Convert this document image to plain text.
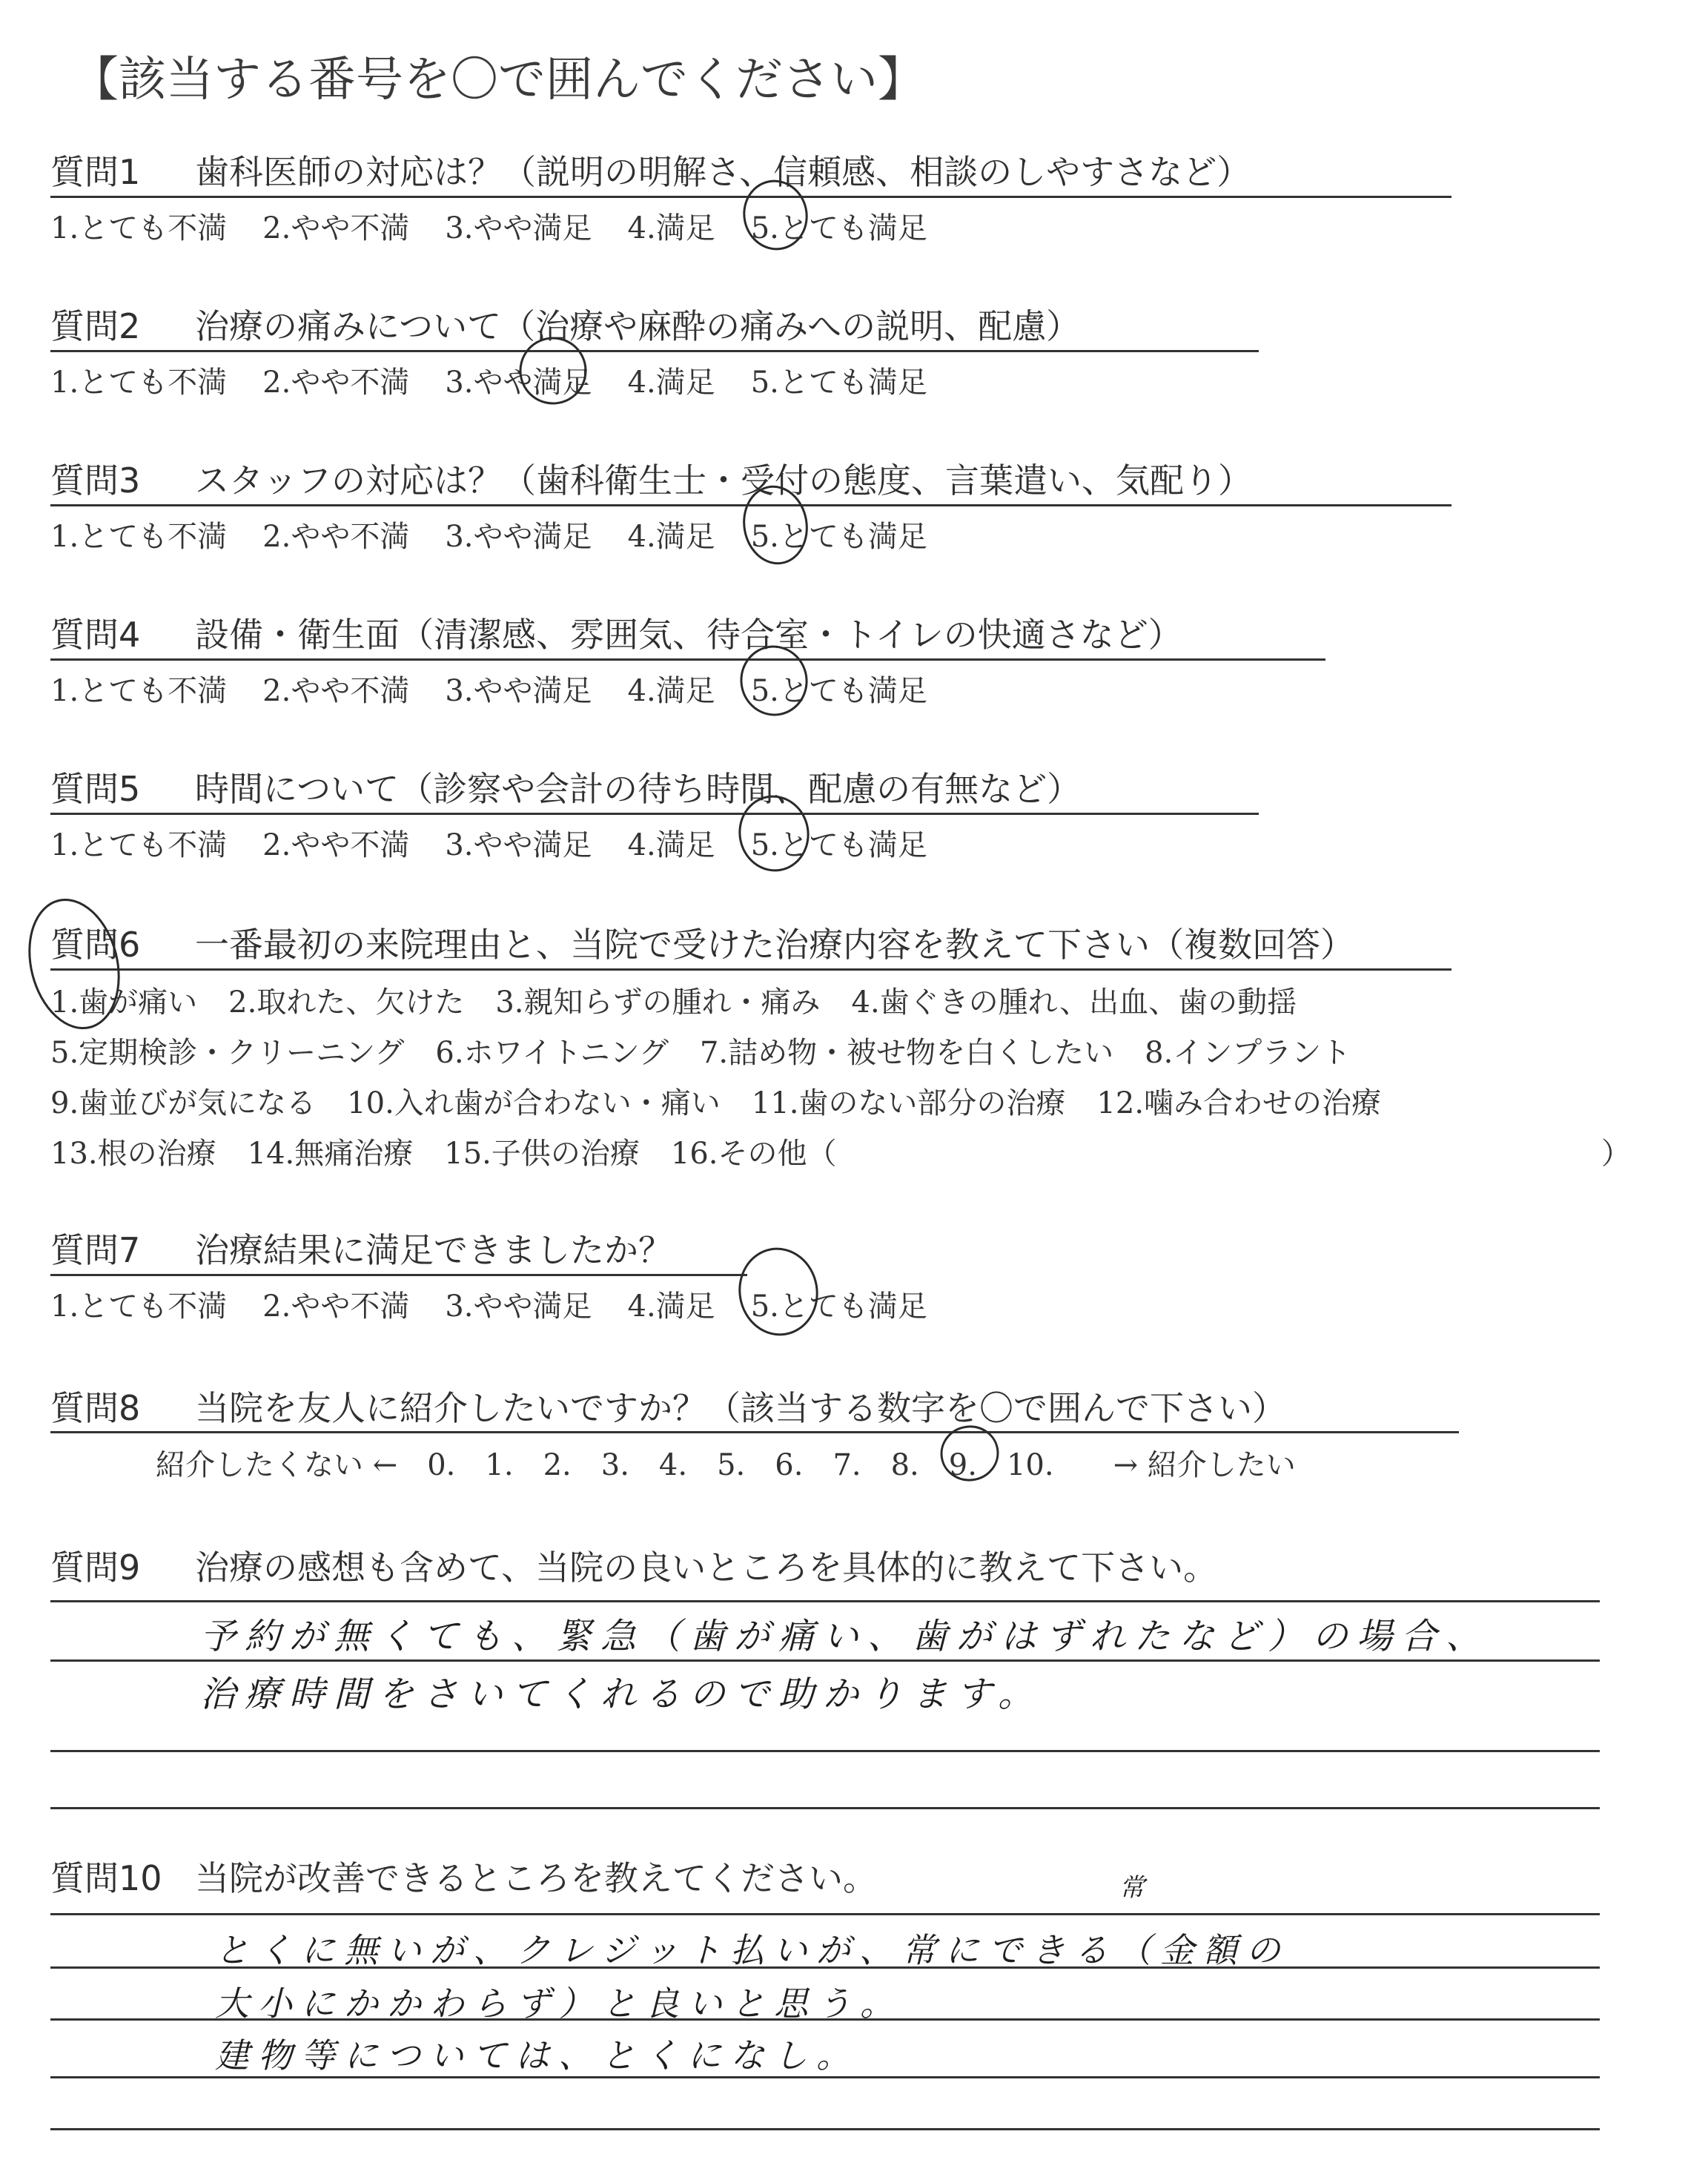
【該当する番号を〇で囲んでください】
質問1 歯科医師の対応は？（説明の明解さ、信頼感、相談のしやすさなど）
1.とても不満 2.やや不満 3.やや満足 4.満足 5.とても満足
質問2 治療の痛みについて（治療や麻酔の痛みへの説明、配慮）
1.とても不満 2.やや不満 3.やや満足 4.満足 5.とても満足
質問3 スタッフの対応は？（歯科衛生士・受付の態度、言葉遣い、気配り）
1.とても不満 2.やや不満 3.やや満足 4.満足 5.とても満足
質問4 設備・衛生面（清潔感、雰囲気、待合室・トイレの快適さなど）
1.とても不満 2.やや不満 3.やや満足 4.満足 5.とても満足
質問5 時間について（診察や会計の待ち時間、配慮の有無など）
1.とても不満 2.やや不満 3.やや満足 4.満足 5.とても満足
質問7 治療結果に満足できましたか？
1.とても不満 2.やや不満 3.やや満足 4.満足 5.とても満足
質問6 一番最初の来院理由と、当院で受けた治療内容を教えて下さい（複数回答）
1.歯が痛い 2.取れた、欠けた 3.親知らずの腫れ・痛み 4.歯ぐきの腫れ、出血、歯の動揺
5.定期検診・クリーニング 6.ホワイトニング 7.詰め物・被せ物を白くしたい 8.インプラント
9.歯並びが気になる 10.入れ歯が合わない・痛い 11.歯のない部分の治療 12.噛み合わせの治療
13.根の治療 14.無痛治療 15.子供の治療 16.その他（	）
質問8 当院を友人に紹介したいですか？（該当する数字を〇で囲んで下さい）
紹介したくない ← 0. 1. 2. 3. 4. 5. 6. 7. 8. 9. 10. → 紹介したい
質問9 治療の感想も含めて、当院の良いところを具体的に教えて下さい。
予約が無くても、緊急（歯が痛い、歯がはずれたなど）の場合、
治療時間をさいてくれるので助かります。
質問10 当院が改善できるところを教えてください。	常
とくに無いが、クレジット払いが、常にできる（金額の
大小にかかわらず）と良いと思う。
建物等については、とくになし。
